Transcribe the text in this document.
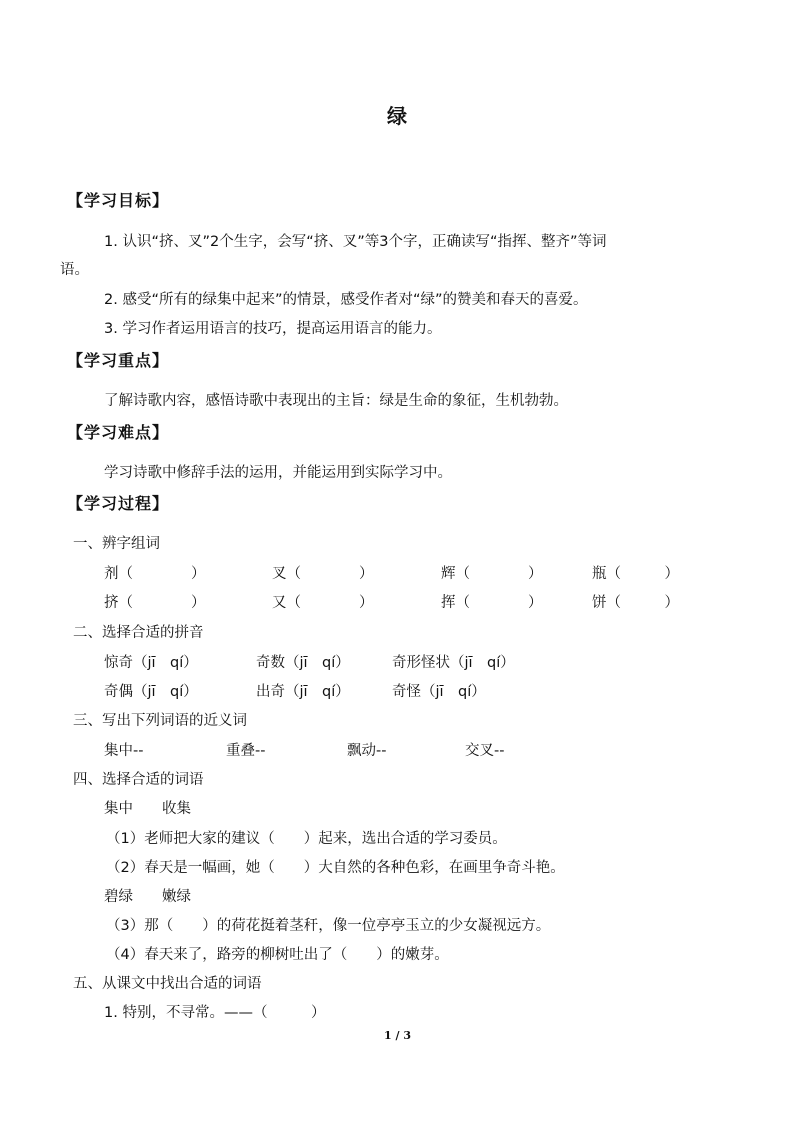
绿
【学习目标】
1. 认识“挤、叉”2个生字，会写“挤、叉”等3个字，正确读写“指挥、整齐”等词
语。
2. 感受“所有的绿集中起来”的情景，感受作者对“绿”的赞美和春天的喜爱。
3. 学习作者运用语言的技巧，提高运用语言的能力。
【学习重点】
了解诗歌内容，感悟诗歌中表现出的主旨：绿是生命的象征，生机勃勃。
【学习难点】
学习诗歌中修辞手法的运用，并能运用到实际学习中。
【学习过程】
一、辨字组词
剂（　　　　）	叉（　　　　）	辉（　　　　）	瓶（　　　）
挤（　　　　）	又（　　　　）	挥（　　　　）	饼（　　　）
二、选择合适的拼音
惊奇（jī　qí）	奇数（jī　qí）	奇形怪状（jī　qí）
奇偶（jī　qí）	出奇（jī　qí）	奇怪（jī　qí）
三、写出下列词语的近义词
集中--	重叠--	飘动--	交叉--
四、选择合适的词语
集中　　收集
（1）老师把大家的建议（　　）起来，选出合适的学习委员。
（2）春天是一幅画，她（　　）大自然的各种色彩，在画里争奇斗艳。
碧绿　　嫩绿
（3）那（　　）的荷花挺着茎秆，像一位亭亭玉立的少女凝视远方。
（4）春天来了，路旁的柳树吐出了（　　）的嫩芽。
五、从课文中找出合适的词语
1. 特别，不寻常。——（　　　）
1 / 3
